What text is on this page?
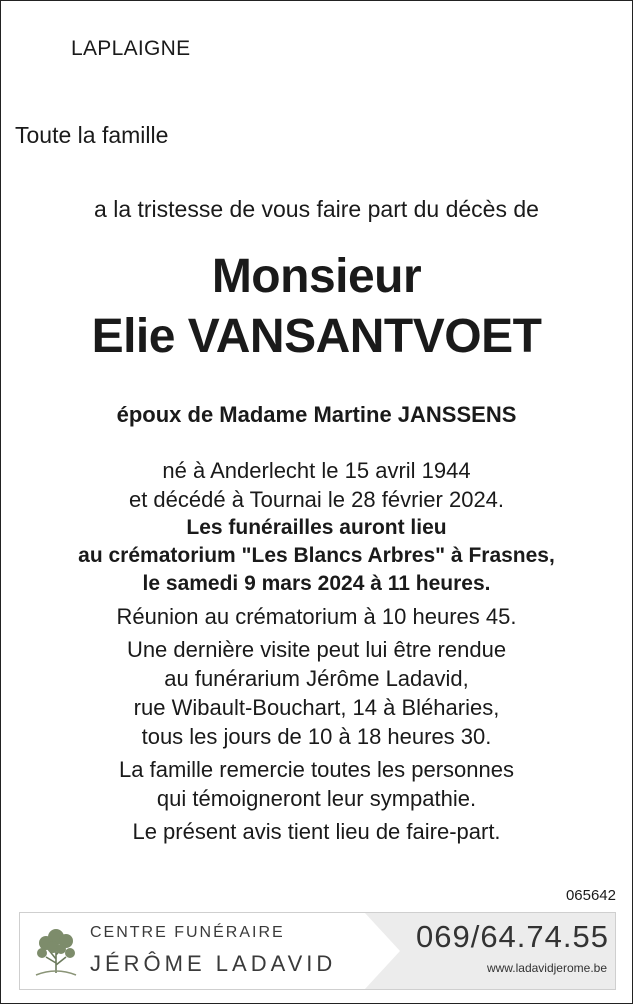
LAPLAIGNE
Toute la famille
a la tristesse de vous faire part du décès de
Monsieur
Elie VANSANTVOET
époux de Madame Martine JANSSENS
né à Anderlecht le 15 avril 1944
et décédé à Tournai le 28 février 2024.
Les funérailles auront lieu
au crématorium "Les Blancs Arbres" à Frasnes,
le samedi 9 mars 2024 à 11 heures.
Réunion au crématorium à 10 heures 45.
Une dernière visite peut lui être rendue
au funérarium Jérôme Ladavid,
rue Wibault-Bouchart, 14 à Bléharies,
tous les jours de 10 à 18 heures 30.
La famille remercie toutes les personnes
qui témoigneront leur sympathie.
Le présent avis tient lieu de faire-part.
065642
CENTRE FUNÉRAIRE
JÉRÔME LADAVID
069/64.74.55
www.ladavidjerome.be
